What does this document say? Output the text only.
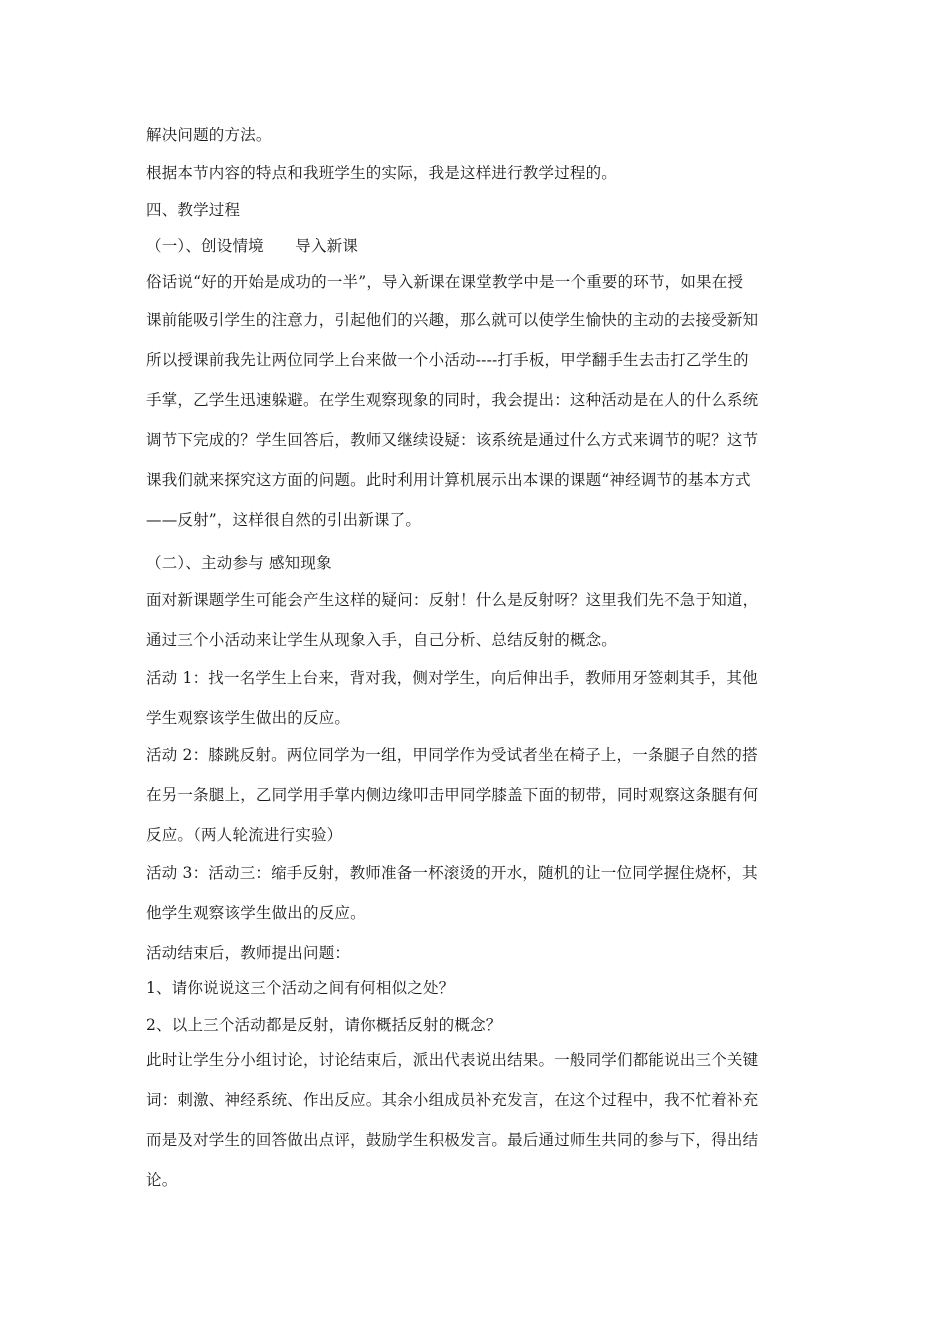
解决问题的方法。
根据本节内容的特点和我班学生的实际，我是这样进行教学过程的。
四、教学过程
（一）、创设情境　　导入新课
俗话说“好的开始是成功的一半”，导入新课在课堂教学中是一个重要的环节，如果在授
课前能吸引学生的注意力，引起他们的兴趣，那么就可以使学生愉快的主动的去接受新知
所以授课前我先让两位同学上台来做一个小活动----打手板，甲学翻手生去击打乙学生的
手掌，乙学生迅速躲避。在学生观察现象的同时，我会提出：这种活动是在人的什么系统
调节下完成的？学生回答后，教师又继续设疑：该系统是通过什么方式来调节的呢？这节
课我们就来探究这方面的问题。此时利用计算机展示出本课的课题“神经调节的基本方式
——反射”，这样很自然的引出新课了。
（二）、主动参与 感知现象
面对新课题学生可能会产生这样的疑问：反射！什么是反射呀？这里我们先不急于知道，
通过三个小活动来让学生从现象入手，自己分析、总结反射的概念。
活动 1：找一名学生上台来，背对我，侧对学生，向后伸出手，教师用牙签刺其手，其他
学生观察该学生做出的反应。
活动 2：膝跳反射。两位同学为一组，甲同学作为受试者坐在椅子上，一条腿子自然的搭
在另一条腿上，乙同学用手掌内侧边缘叩击甲同学膝盖下面的韧带，同时观察这条腿有何
反应。（两人轮流进行实验）
活动 3：活动三：缩手反射，教师准备一杯滚烫的开水，随机的让一位同学握住烧杯，其
他学生观察该学生做出的反应。
活动结束后，教师提出问题：
1、请你说说这三个活动之间有何相似之处？
2、以上三个活动都是反射，请你概括反射的概念？
此时让学生分小组讨论，讨论结束后，派出代表说出结果。一般同学们都能说出三个关键
词：刺激、神经系统、作出反应。其余小组成员补充发言，在这个过程中，我不忙着补充
而是及对学生的回答做出点评，鼓励学生积极发言。最后通过师生共同的参与下，得出结
论。
